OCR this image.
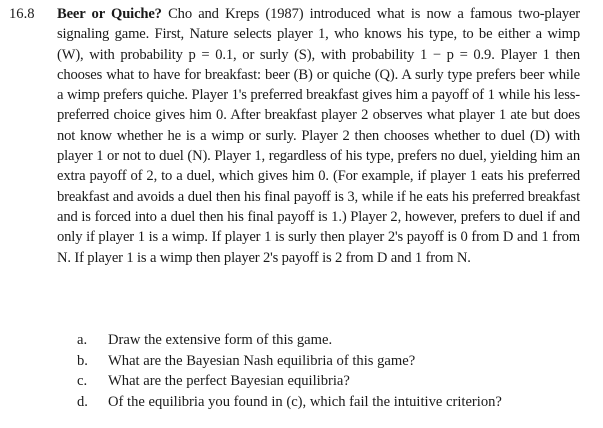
16.8 Beer or Quiche? Cho and Kreps (1987) introduced what is now a famous two-player signaling game. First, Nature selects player 1, who knows his type, to be either a wimp (W), with probability p = 0.1, or surly (S), with probability 1 − p = 0.9. Player 1 then chooses what to have for breakfast: beer (B) or quiche (Q). A surly type prefers beer while a wimp prefers quiche. Player 1's preferred breakfast gives him a payoff of 1 while his less-preferred choice gives him 0. After breakfast player 2 observes what player 1 ate but does not know whether he is a wimp or surly. Player 2 then chooses whether to duel (D) with player 1 or not to duel (N). Player 1, regardless of his type, prefers no duel, yielding him an extra payoff of 2, to a duel, which gives him 0. (For example, if player 1 eats his preferred breakfast and avoids a duel then his final payoff is 3, while if he eats his preferred breakfast and is forced into a duel then his final payoff is 1.) Player 2, however, prefers to duel if and only if player 1 is a wimp. If player 1 is surly then player 2's payoff is 0 from D and 1 from N. If player 1 is a wimp then player 2's payoff is 2 from D and 1 from N.

a. Draw the extensive form of this game.
b. What are the Bayesian Nash equilibria of this game?
c. What are the perfect Bayesian equilibria?
d. Of the equilibria you found in (c), which fail the intuitive criterion?
